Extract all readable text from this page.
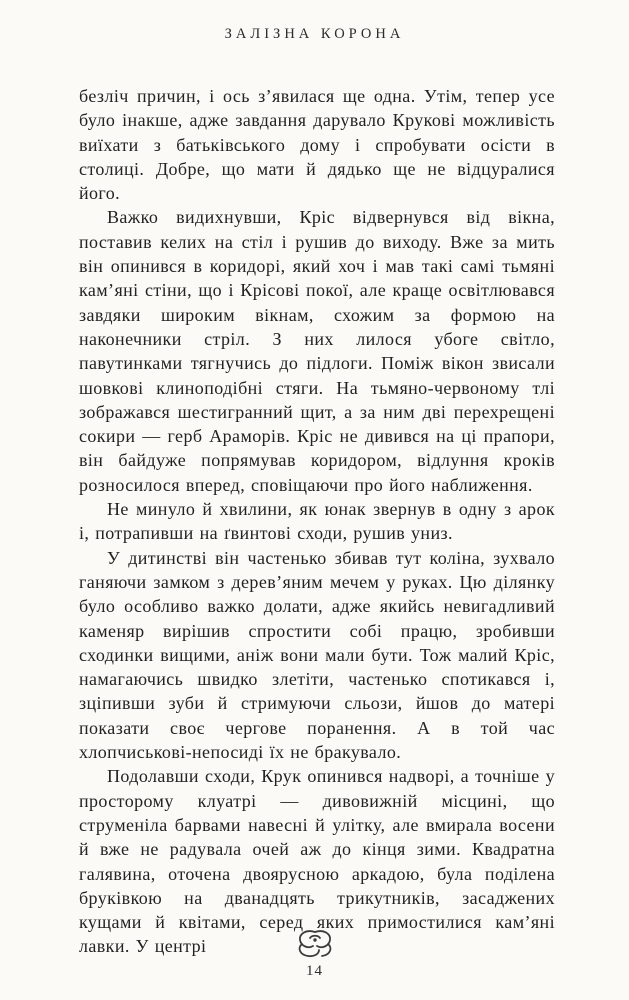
ЗАЛІЗНА КОРОНА

безліч причин, і ось з’явилася ще одна. Утім, тепер усе було інакше, адже завдання дарувало Крукові можливість виїхати з батьківського дому і спробувати осісти в столиці. Добре, що мати й дядько ще не відцуралися його.

Важко видихнувши, Кріс відвернувся від вікна, поставив келих на стіл і рушив до виходу. Вже за мить він опинився в коридорі, який хоч і мав такі самі тьмяні кам’яні стіни, що і Крісові покої, але краще освітлювався завдяки широким вікнам, схожим за формою на наконечники стріл. З них лилося убоге світло, павутинками тягнучись до підлоги. Поміж вікон звисали шовкові клиноподібні стяги. На тьмяно-червоному тлі зображався шестигранний щит, а за ним дві перехрещені сокири — герб Араморів. Кріс не дивився на ці прапори, він байдуже попрямував коридором, відлуння кроків розносилося вперед, сповіщаючи про його наближення.

Не минуло й хвилини, як юнак звернув в одну з арок і, потрапивши на ґвинтові сходи, рушив униз.

У дитинстві він частенько збивав тут коліна, зухвало ганяючи замком з дерев’яним мечем у руках. Цю ділянку було особливо важко долати, адже якийсь невигадливий каменяр вирішив спростити собі працю, зробивши сходинки вищими, аніж вони мали бути. Тож малий Кріс, намагаючись швидко злетіти, частенько спотикався і, зціпивши зуби й стримуючи сльози, йшов до матері показати своє чергове поранення. А в той час хлопчиськові-непосиді їх не бракувало.

Подолавши сходи, Крук опинився надворі, а точніше у просторому клуатрі — дивовижній місцині, що струменіла барвами навесні й улітку, але вмирала восени й вже не радувала очей аж до кінця зими. Квадратна галявина, оточена двоярусною аркадою, була поділена бруківкою на дванадцять трикутників, засаджених кущами й квітами, серед яких примостилися кам’яні лавки. У центрі

14
